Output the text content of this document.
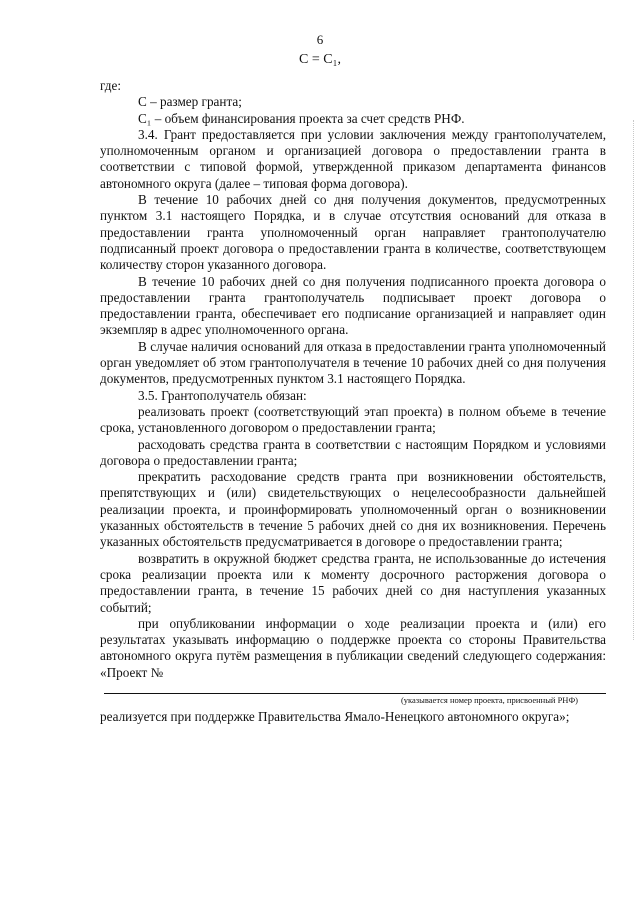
6
C = C₁,

где:

С – размер гранта;

С₁ – объем финансирования проекта за счет средств РНФ.

3.4. Грант предоставляется при условии заключения между грантополучателем, уполномоченным органом и организацией договора о предоставлении гранта в соответствии с типовой формой, утвержденной приказом департамента финансов автономного округа (далее – типовая форма договора).

В течение 10 рабочих дней со дня получения документов, предусмотренных пунктом 3.1 настоящего Порядка, и в случае отсутствия оснований для отказа в предоставлении гранта уполномоченный орган направляет грантополучателю подписанный проект договора о предоставлении гранта в количестве, соответствующем количеству сторон указанного договора.

В течение 10 рабочих дней со дня получения подписанного проекта договора о предоставлении гранта грантополучатель подписывает проект договора о предоставлении гранта, обеспечивает его подписание организацией и направляет один экземпляр в адрес уполномоченного органа.

В случае наличия оснований для отказа в предоставлении гранта уполномоченный орган уведомляет об этом грантополучателя в течение 10 рабочих дней со дня получения документов, предусмотренных пунктом 3.1 настоящего Порядка.

3.5. Грантополучатель обязан:

реализовать проект (соответствующий этап проекта) в полном объеме в течение срока, установленного договором о предоставлении гранта;

расходовать средства гранта в соответствии с настоящим Порядком и условиями договора о предоставлении гранта;

прекратить расходование средств гранта при возникновении обстоятельств, препятствующих и (или) свидетельствующих о нецелесообразности дальнейшей реализации проекта, и проинформировать уполномоченный орган о возникновении указанных обстоятельств в течение 5 рабочих дней со дня их возникновения. Перечень указанных обстоятельств предусматривается в договоре о предоставлении гранта;

возвратить в окружной бюджет средства гранта, не использованные до истечения срока реализации проекта или к моменту досрочного расторжения договора о предоставлении гранта, в течение 15 рабочих дней со дня наступления указанных событий;

при опубликовании информации о ходе реализации проекта и (или) его результатах указывать информацию о поддержке проекта со стороны Правительства автономного округа путём размещения в публикации сведений следующего содержания: «Проект №

(указывается номер проекта, присвоенный РНФ)

реализуется при поддержке Правительства Ямало-Ненецкого автономного округа»;
